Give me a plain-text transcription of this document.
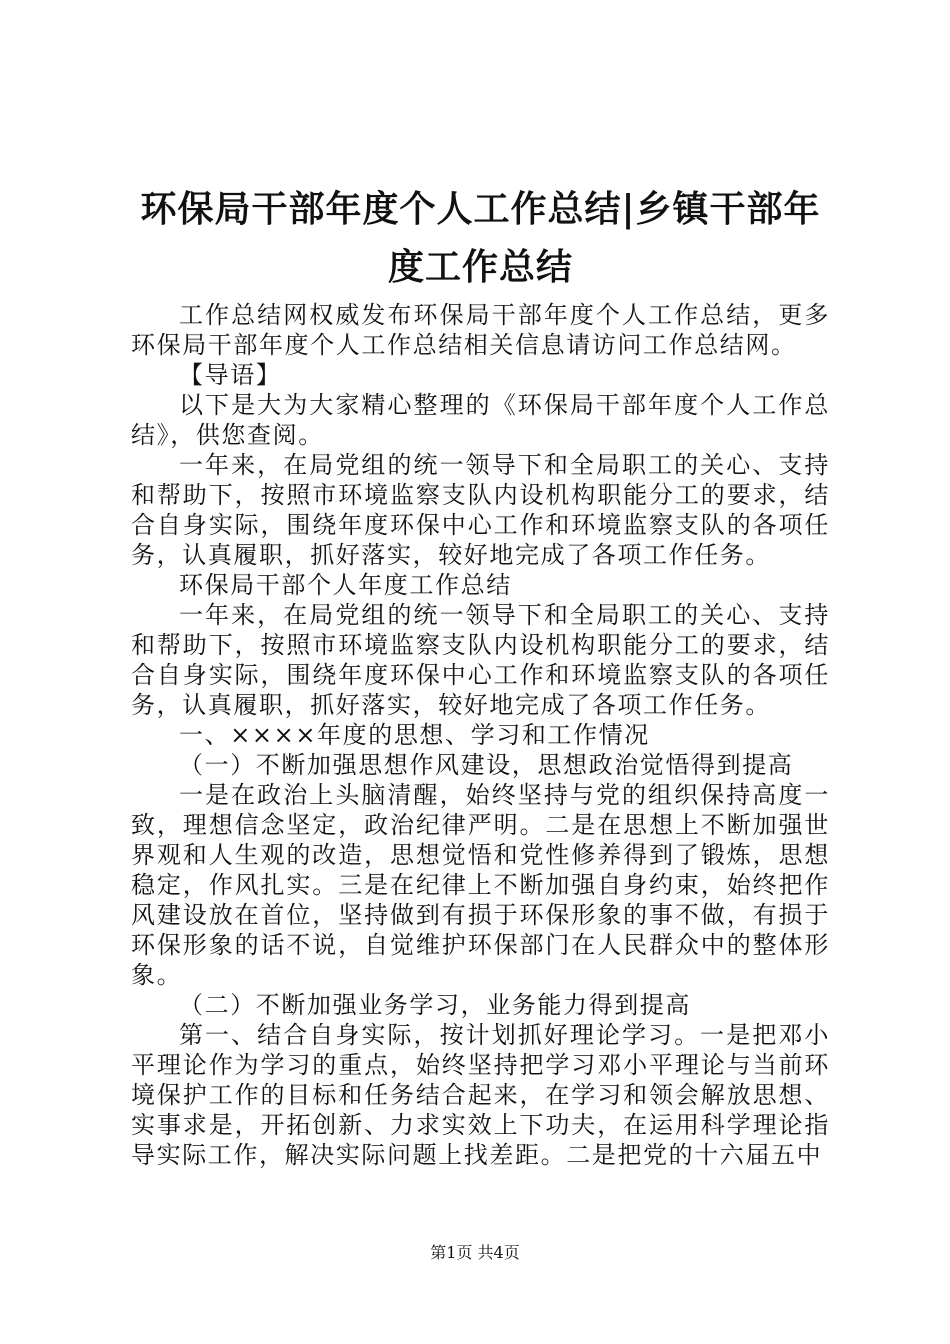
环保局干部年度个人工作总结|乡镇干部年度工作总结

工作总结网权威发布环保局干部年度个人工作总结，更多环保局干部年度个人工作总结相关信息请访问工作总结网。

【导语】

以下是大为大家精心整理的《环保局干部年度个人工作总结》，供您查阅。

一年来，在局党组的统一领导下和全局职工的关心、支持和帮助下，按照市环境监察支队内设机构职能分工的要求，结合自身实际，围绕年度环保中心工作和环境监察支队的各项任务，认真履职，抓好落实，较好地完成了各项工作任务。

环保局干部个人年度工作总结

一年来，在局党组的统一领导下和全局职工的关心、支持和帮助下，按照市环境监察支队内设机构职能分工的要求，结合自身实际，围绕年度环保中心工作和环境监察支队的各项任务，认真履职，抓好落实，较好地完成了各项工作任务。

一、××××年度的思想、学习和工作情况

（一）不断加强思想作风建设，思想政治觉悟得到提高

一是在政治上头脑清醒，始终坚持与党的组织保持高度一致，理想信念坚定，政治纪律严明。二是在思想上不断加强世界观和人生观的改造，思想觉悟和党性修养得到了锻炼，思想稳定，作风扎实。三是在纪律上不断加强自身约束，始终把作风建设放在首位，坚持做到有损于环保形象的事不做，有损于环保形象的话不说，自觉维护环保部门在人民群众中的整体形象。

（二）不断加强业务学习，业务能力得到提高

第一、结合自身实际，按计划抓好理论学习。一是把邓小平理论作为学习的重点，始终坚持把学习邓小平理论与当前环境保护工作的目标和任务结合起来，在学习和领会解放思想、实事求是，开拓创新、力求实效上下功夫，在运用科学理论指导实际工作，解决实际问题上找差距。二是把党的十六届五中

第1页 共4页
